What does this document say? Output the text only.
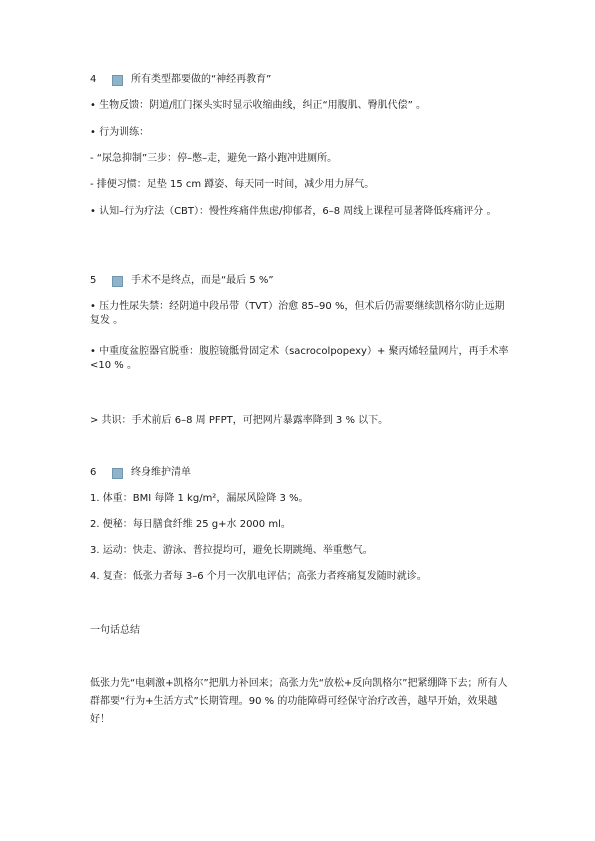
4	所有类型都要做的“神经再教育”
• 生物反馈：阴道/肛门探头实时显示收缩曲线，纠正“用腹肌、臀肌代偿” 。
• 行为训练：
- “尿急抑制”三步：停–憋–走，避免一路小跑冲进厕所。
- 排便习惯：足垫 15 cm 蹲姿、每天同一时间，减少用力屏气。
• 认知–行为疗法（CBT）：慢性疼痛伴焦虑/抑郁者，6–8 周线上课程可显著降低疼痛评分 。
5	手术不是终点，而是“最后 5 %”
• 压力性尿失禁：经阴道中段吊带（TVT）治愈 85–90 %，但术后仍需要继续凯格尔防止远期复发 。
• 中重度盆腔器官脱垂：腹腔镜骶骨固定术（sacrocolpopexy）+ 聚丙烯轻量网片，再手术率 <10 % 。
> 共识：手术前后 6–8 周 PFPT，可把网片暴露率降到 3 % 以下。
6	终身维护清单
1. 体重：BMI 每降 1 kg/m²，漏尿风险降 3 %。
2. 便秘：每日膳食纤维 25 g+水 2000 ml。
3. 运动：快走、游泳、普拉提均可，避免长期跳绳、举重憋气。
4. 复查：低张力者每 3–6 个月一次肌电评估；高张力者疼痛复发随时就诊。
一句话总结
低张力先“电刺激+凯格尔”把肌力补回来；高张力先“放松+反向凯格尔”把紧绷降下去；所有人群都要“行为+生活方式”长期管理。90 % 的功能障碍可经保守治疗改善，越早开始，效果越好！
